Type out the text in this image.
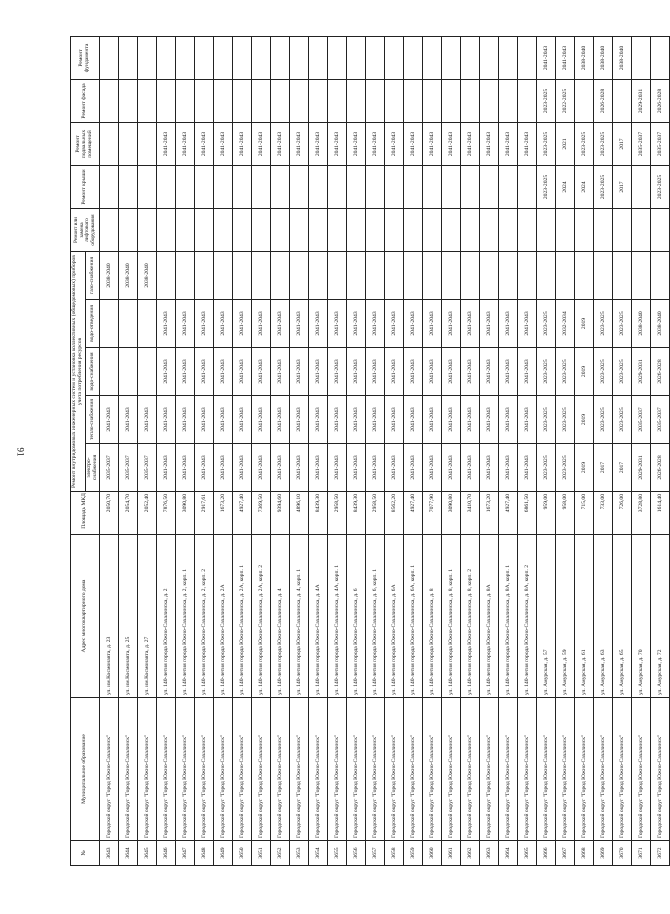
91
№	Муниципальное образование	Адрес многоквартирного дома	Площадь МКД	Ремонт внутридомовых инженерных систем и установка коллективных (общедомовых) приборов учета потребления ресурсов					Ремонт или замена лифтового оборудования	Ремонт крыши	Ремонт подвальных помещений	Ремонт фасада	Ремонт фундамента
				электро-снабжения	тепло-снабжения	водо-снабжения	водо-отведения	газо-снабжения					
3643	Городской округ "Город Южно-Сахалинск"	ул. им.Космонавта, д. 23	2050,70	2035-2037	2041-2043			2038-2040					
3644	Городской округ "Город Южно-Сахалинск"	ул. им.Космонавта, д. 25	2054,70	2035-2037	2041-2043			2038-2040					
3645	Городской округ "Город Южно-Сахалинск"	ул. им.Космонавта, д. 27	2052,40	2035-2037	2041-2043			2038-2040					
3646	Городской округ "Город Южно-Сахалинск"	ул. 140-летия города Южно-Сахалинска, д. 2	7876,50	2041-2043	2041-2043	2041-2043	2041-2043				2041-2043		
3647	Городской округ "Город Южно-Сахалинск"	ул. 140-летия города Южно-Сахалинска, д. 2, корп. 1	3090,80	2041-2043	2041-2043	2041-2043	2041-2043				2041-2043		
3648	Городской округ "Город Южно-Сахалинск"	ул. 140-летия города Южно-Сахалинска, д. 2, корп. 2	2917,61	2041-2043	2041-2043	2041-2043	2041-2043				2041-2043		
3649	Городской округ "Город Южно-Сахалинск"	ул. 140-летия города Южно-Сахалинска, д. 2А	1673,20	2041-2043	2041-2043	2041-2043	2041-2043				2041-2043		
3650	Городской округ "Город Южно-Сахалинск"	ул. 140-летия города Южно-Сахалинска, д. 2А, корп. 1	4927,40	2041-2043	2041-2043	2041-2043	2041-2043				2041-2043		
3651	Городской округ "Город Южно-Сахалинск"	ул. 140-летия города Южно-Сахалинска, д. 2А, корп. 2	7369,50	2041-2043	2041-2043	2041-2043	2041-2043				2041-2043		
3652	Городской округ "Город Южно-Сахалинск"	ул. 140-летия города Южно-Сахалинска, д. 4	9394,60	2041-2043	2041-2043	2041-2043	2041-2043				2041-2043		
3653	Городской округ "Город Южно-Сахалинск"	ул. 140-летия города Южно-Сахалинска, д. 4, корп. 1	4896,10	2041-2043	2041-2043	2041-2043	2041-2043				2041-2043		
3654	Городской округ "Город Южно-Сахалинск"	ул. 140-летия города Южно-Сахалинска, д. 4А	8439,30	2041-2043	2041-2043	2041-2043	2041-2043				2041-2043		
3655	Городской округ "Город Южно-Сахалинск"	ул. 140-летия города Южно-Сахалинска, д. 4А, корп. 1	2958,50	2041-2043	2041-2043	2041-2043	2041-2043				2041-2043		
3656	Городской округ "Город Южно-Сахалинск"	ул. 140-летия города Южно-Сахалинска, д. 6	8439,30	2041-2043	2041-2043	2041-2043	2041-2043				2041-2043		
3657	Городской округ "Город Южно-Сахалинск"	ул. 140-летия города Южно-Сахалинска, д. 6, корп. 1	2958,50	2041-2043	2041-2043	2041-2043	2041-2043				2041-2043		
3658	Городской округ "Город Южно-Сахалинск"	ул. 140-летия города Южно-Сахалинска, д. 6А	8562,20	2041-2043	2041-2043	2041-2043	2041-2043				2041-2043		
3659	Городской округ "Город Южно-Сахалинск"	ул. 140-летия города Южно-Сахалинска, д. 6А, корп. 1	4927,40	2041-2043	2041-2043	2041-2043	2041-2043				2041-2043		
3660	Городской округ "Город Южно-Сахалинск"	ул. 140-летия города Южно-Сахалинска, д. 8	7077,90	2041-2043	2041-2043	2041-2043	2041-2043				2041-2043		
3661	Городской округ "Город Южно-Сахалинск"	ул. 140-летия города Южно-Сахалинска, д. 8, корп. 1	3090,80	2041-2043	2041-2043	2041-2043	2041-2043				2041-2043		
3662	Городской округ "Город Южно-Сахалинск"	ул. 140-летия города Южно-Сахалинска, д. 8, корп. 2	3410,70	2041-2043	2041-2043	2041-2043	2041-2043				2041-2043		
3663	Городской округ "Город Южно-Сахалинск"	ул. 140-летия города Южно-Сахалинска, д. 8А	1673,20	2041-2043	2041-2043	2041-2043	2041-2043				2041-2043		
3664	Городской округ "Город Южно-Сахалинск"	ул. 140-летия города Южно-Сахалинска, д. 8А, корп. 1	4927,40	2041-2043	2041-2043	2041-2043	2041-2043				2041-2043		
3665	Городской округ "Город Южно-Сахалинск"	ул. 140-летия города Южно-Сахалинска, д. 8А, корп. 2	6861,50	2041-2043	2041-2043	2041-2043	2041-2043				2041-2043		
3666	Городской округ "Город Южно-Сахалинск"	ул. Амурская, д. 57	959,00	2023-2025	2023-2025	2023-2025	2023-2025			2023-2025	2023-2025	2023-2025	2041-2043
3667	Городской округ "Город Южно-Сахалинск"	ул. Амурская, д. 59	958,00	2023-2025	2023-2025	2023-2025	2032-2034			2024	2021	2022-2025	2041-2043
3668	Городской округ "Город Южно-Сахалинск"	ул. Амурская, д. 61	715,00	2019	2019	2019	2019			2024	2023-2025		2038-2040
3669	Городской округ "Город Южно-Сахалинск"	ул. Амурская, д. 63	733,00	2017	2023-2025	2023-2025	2023-2025			2023-2025	2023-2025	2026-2028	2038-2040
3670	Городской округ "Город Южно-Сахалинск"	ул. Амурская, д. 65	726,00	2017	2023-2025	2023-2025	2023-2025			2017	2017		2038-2040
3671	Городской округ "Город Южно-Сахалинск"	ул. Амурская, д. 70	3728,80	2029-2031	2035-2037	2029-2031	2038-2040				2035-2037	2029-2031	
3672	Городской округ "Город Южно-Сахалинск"	ул. Амурская, д. 72	1614,40	2026-2028	2035-2037	2026-2028	2038-2040			2023-2025	2035-2037	2026-2028	
